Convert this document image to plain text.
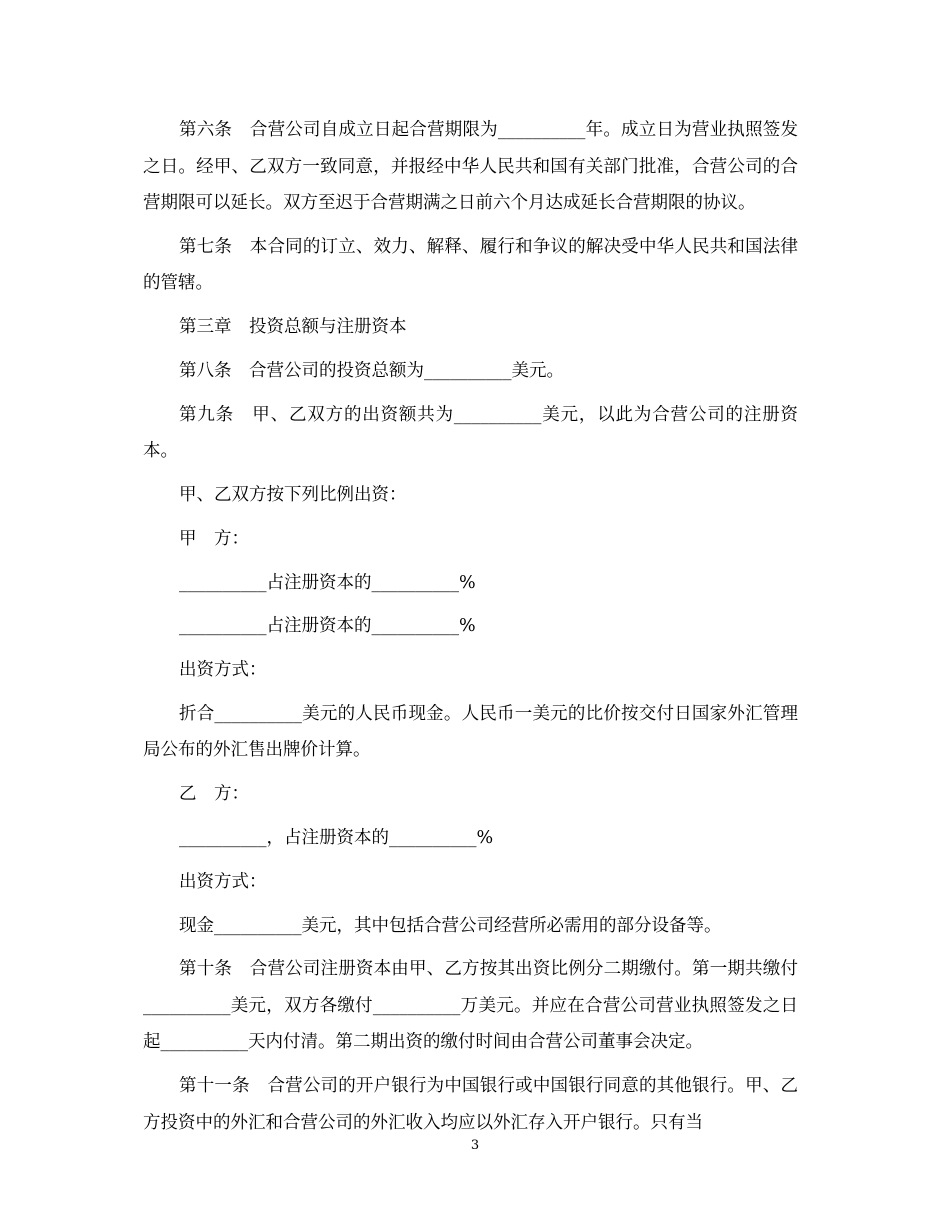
第六条　合营公司自成立日起合营期限为__________年。成立日为营业执照签发之日。经甲、乙双方一致同意，并报经中华人民共和国有关部门批准，合营公司的合营期限可以延长。双方至迟于合营期满之日前六个月达成延长合营期限的协议。

第七条　本合同的订立、效力、解释、履行和争议的解决受中华人民共和国法律的管辖。

第三章　投资总额与注册资本

第八条　合营公司的投资总额为__________美元。

第九条　甲、乙双方的出资额共为__________美元，以此为合营公司的注册资本。

甲、乙双方按下列比例出资：

甲　方：

__________占注册资本的__________%

__________占注册资本的__________%

出资方式：

折合__________美元的人民币现金。人民币一美元的比价按交付日国家外汇管理局公布的外汇售出牌价计算。

乙　方：

__________，占注册资本的__________%

出资方式：

现金__________美元，其中包括合营公司经营所必需用的部分设备等。

第十条　合营公司注册资本由甲、乙方按其出资比例分二期缴付。第一期共缴付__________美元，双方各缴付__________万美元。并应在合营公司营业执照签发之日起__________天内付清。第二期出资的缴付时间由合营公司董事会决定。

第十一条　合营公司的开户银行为中国银行或中国银行同意的其他银行。甲、乙方投资中的外汇和合营公司的外汇收入均应以外汇存入开户银行。只有当

3
